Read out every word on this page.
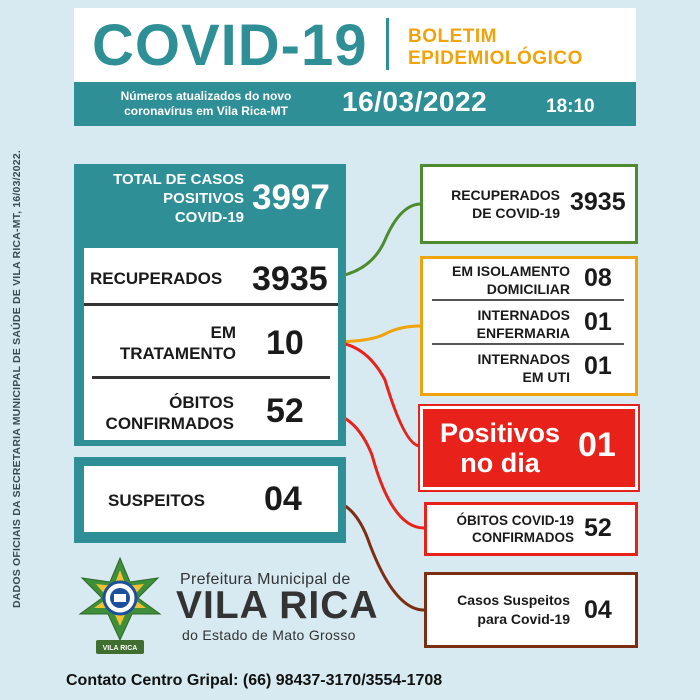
DADOS OFICIAIS DA SECRETARIA MUNICIPAL DE SAÚDE DE VILA RICA-MT, 16/03/2022.
COVID-19 BOLETIM
EPIDEMIOLÓGICO
Números atualizados do novo
coronavírus em Vila Rica-MT	16/03/2022	18:10
TOTAL DE CASOS
POSITIVOS
COVID-19
3997
RECUPERADOS 3935
EM
TRATAMENTO 10
ÓBITOS
CONFIRMADOS 52
SUSPEITOS 04
RECUPERADOS
DE COVID-19 3935
EM ISOLAMENTO
DOMICILIAR 08
INTERNADOS
ENFERMARIA 01
INTERNADOS
EM UTI 01
Positivos
no dia	01
ÓBITOS COVID-19
CONFIRMADOS 52
Casos Suspeitos
para Covid-19 04
VILA RICA
Prefeitura Municipal de
VILA RICA
do Estado de Mato Grosso
Contato Centro Gripal: (66) 98437-3170/3554-1708
